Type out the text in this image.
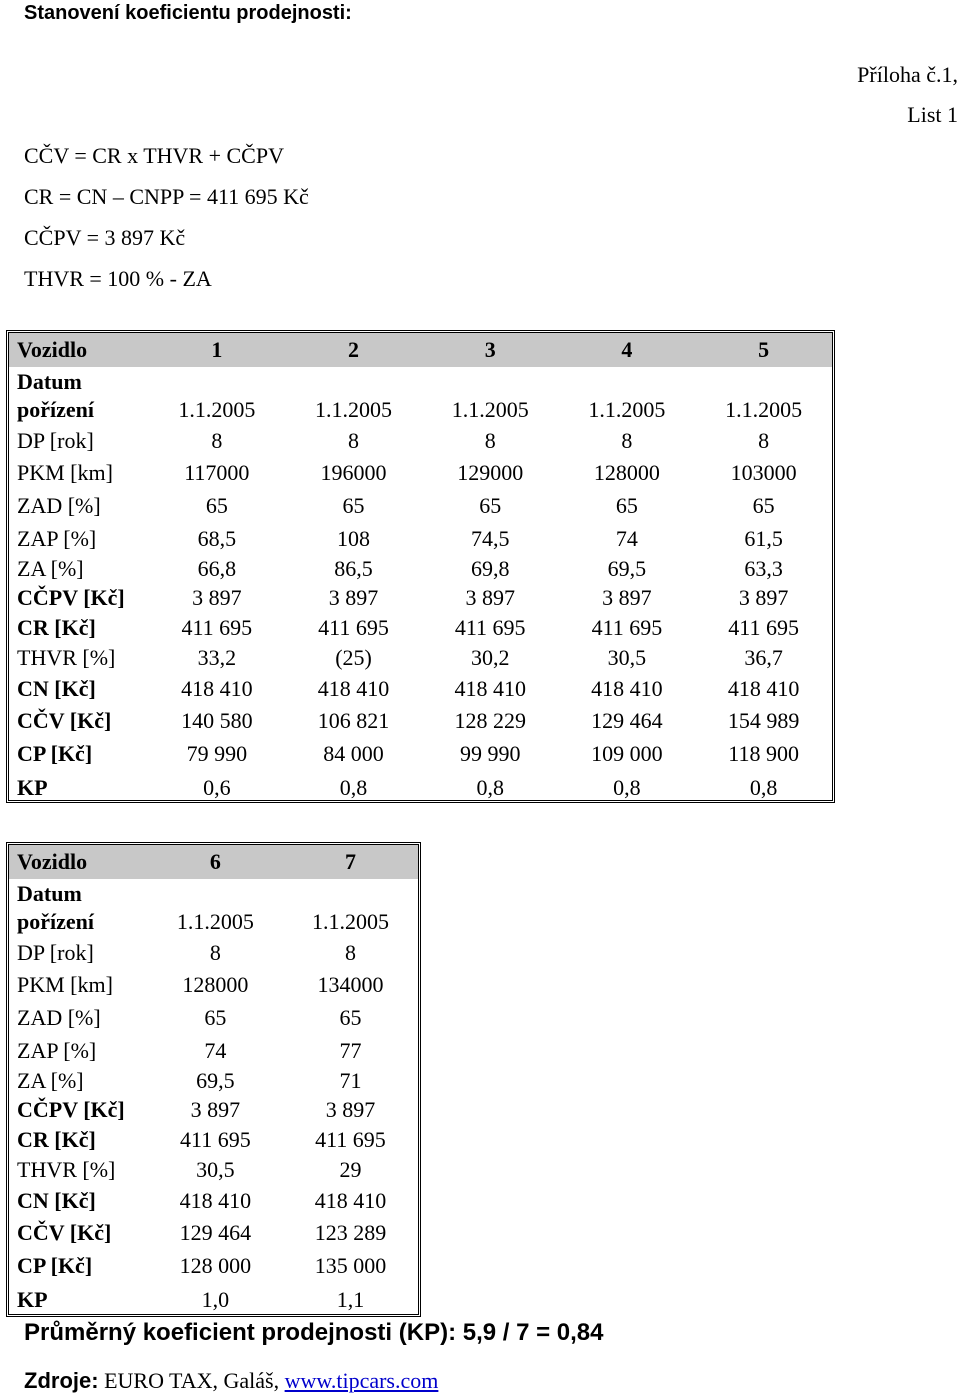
Stanovení koeficientu prodejnosti:
Příloha č.1,
List 1
CČV = CR x THVR + CČPV
CR = CN – CNPP = 411 695 Kč
CČPV = 3 897 Kč
THVR = 100 % - ZA
Vozidlo	1	2	3	4	5

Datum
pořízení	1.1.2005	1.1.2005	1.1.2005	1.1.2005	1.1.2005
DP [rok]	8	8	8	8	8
PKM [km]	117000	196000	129000	128000	103000
ZAD [%]	65	65	65	65	65
ZAP [%]	68,5	108	74,5	74	61,5
ZA [%]	66,8	86,5	69,8	69,5	63,3
CČPV [Kč]	3 897	3 897	3 897	3 897	3 897
CR [Kč]	411 695	411 695	411 695	411 695	411 695
THVR [%]	33,2	(25)	30,2	30,5	36,7
CN [Kč]	418 410	418 410	418 410	418 410	418 410
CČV [Kč]	140 580	106 821	128 229	129 464	154 989
CP [Kč]	79 990	84 000	99 990	109 000	118 900
KP	0,6	0,8	0,8	0,8	0,8
Vozidlo	6	7

Datum
pořízení	1.1.2005	1.1.2005
DP [rok]	8	8
PKM [km]	128000	134000
ZAD [%]	65	65
ZAP [%]	74	77
ZA [%]	69,5	71
CČPV [Kč]	3 897	3 897
CR [Kč]	411 695	411 695
THVR [%]	30,5	29
CN [Kč]	418 410	418 410
CČV [Kč]	129 464	123 289
CP [Kč]	128 000	135 000
KP	1,0	1,1
Průměrný koeficient prodejnosti (KP): 5,9 / 7 = 0,84
Zdroje: EURO TAX, Galáš, www.tipcars.com
